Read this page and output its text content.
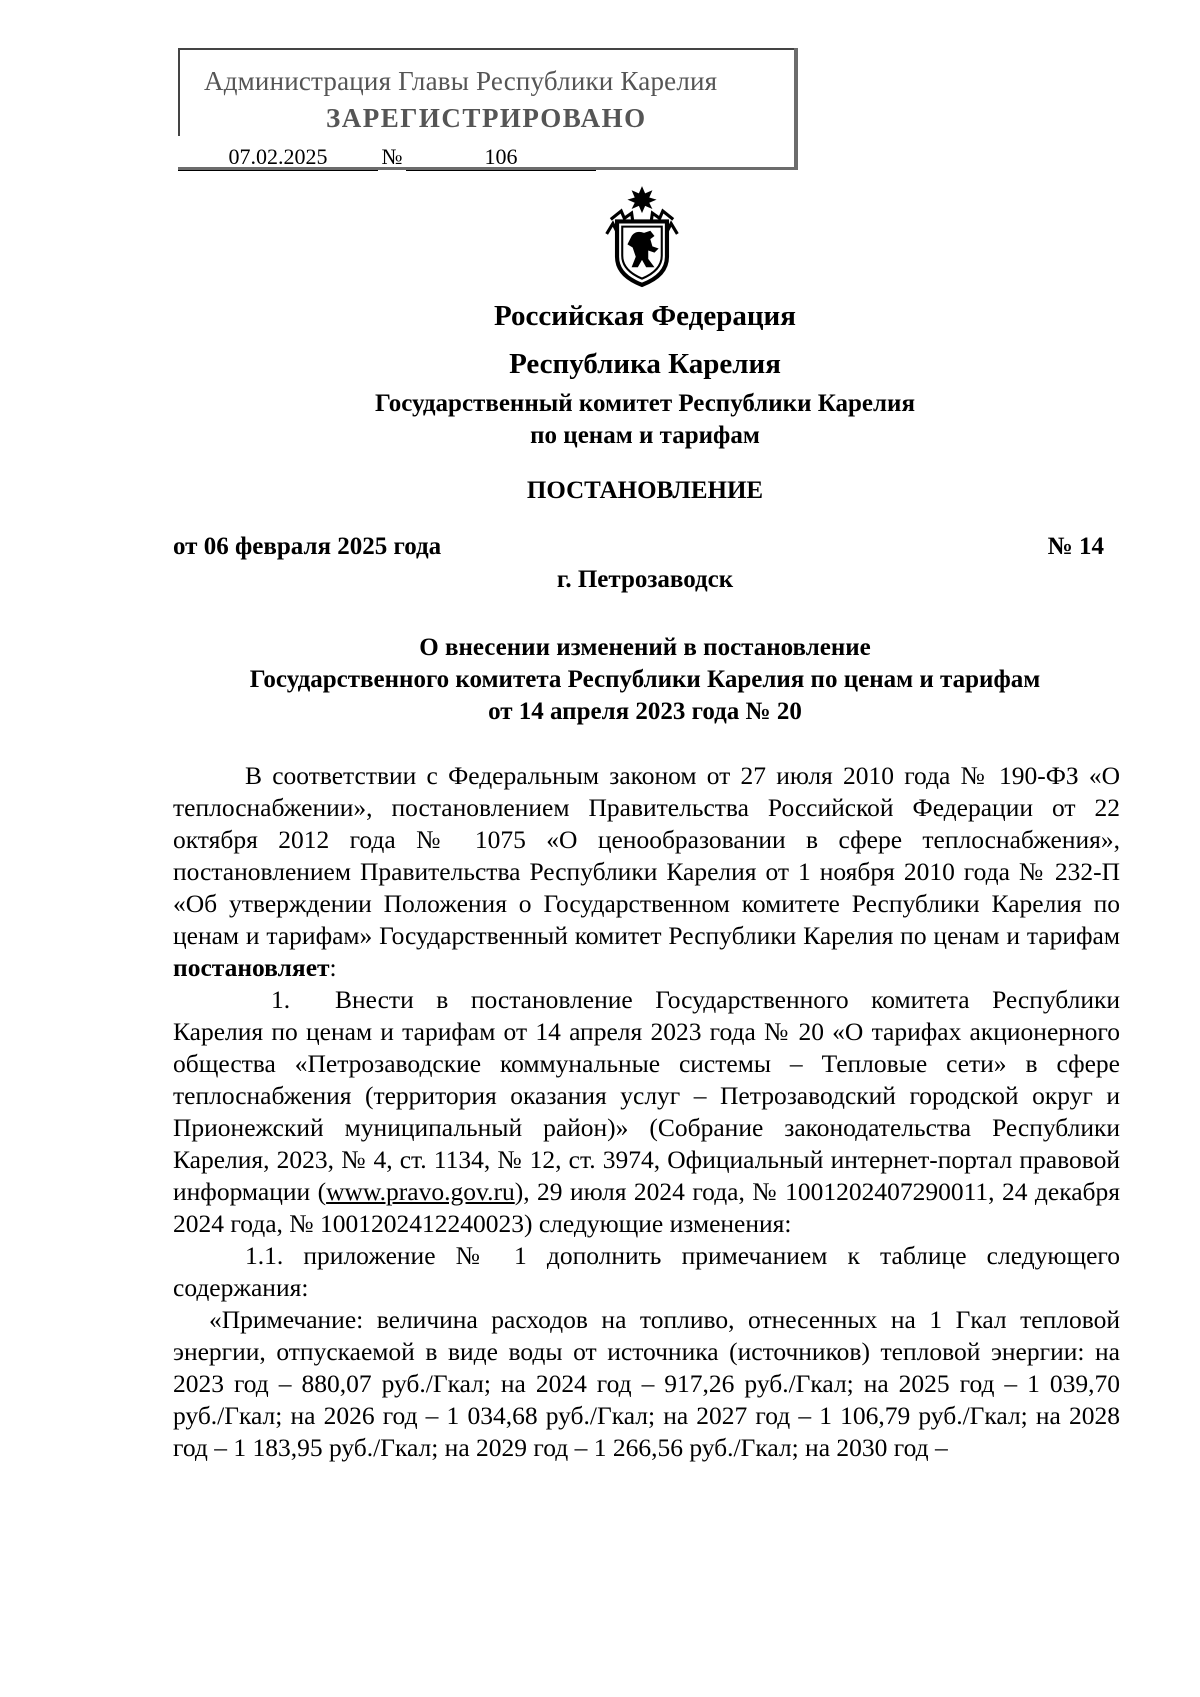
Администрация Главы Республики Карелия
ЗАРЕГИСТРИРОВАНО
07.02.2025 №	106
Российская Федерация
Республика Карелия
Государственный комитет Республики Карелия
по ценам и тарифам
ПОСТАНОВЛЕНИЕ
от 06 февраля 2025 года	№ 14
г. Петрозаводск
О внесении изменений в постановление
Государственного комитета Республики Карелия по ценам и тарифам
от 14 апреля 2023 года № 20

В соответствии с Федеральным законом от 27 июля 2010 года № 190-ФЗ «О теплоснабжении», постановлением Правительства Российской Федерации от 22 октября 2012 года № 1075 «О ценообразовании в сфере теплоснабжения», постановлением Правительства Республики Карелия от 1 ноября 2010 года № 232-П «Об утверждении Положения о Государственном комитете Республики Карелия по ценам и тарифам» Государственный комитет Республики Карелия по ценам и тарифам постановляет:

1. Внести в постановление Государственного комитета Республики Карелия по ценам и тарифам от 14 апреля 2023 года № 20 «О тарифах акционерного общества «Петрозаводские коммунальные системы – Тепловые сети» в сфере теплоснабжения (территория оказания услуг – Петрозаводский городской округ и Прионежский муниципальный район)» (Собрание законодательства Республики Карелия, 2023, № 4, ст. 1134, № 12, ст. 3974, Официальный интернет-портал правовой информации (www.pravo.gov.ru), 29 июля 2024 года, № 1001202407290011, 24 декабря 2024 года, № 1001202412240023) следующие изменения:

1.1. приложение № 1 дополнить примечанием к таблице следующего содержания:

«Примечание: величина расходов на топливо, отнесенных на 1 Гкал тепловой энергии, отпускаемой в виде воды от источника (источников) тепловой энергии: на 2023 год – 880,07 руб./Гкал; на 2024 год – 917,26 руб./Гкал; на 2025 год – 1 039,70 руб./Гкал; на 2026 год – 1 034,68 руб./Гкал; на 2027 год – 1 106,79 руб./Гкал; на 2028 год – 1 183,95 руб./Гкал; на 2029 год – 1 266,56 руб./Гкал; на 2030 год –
